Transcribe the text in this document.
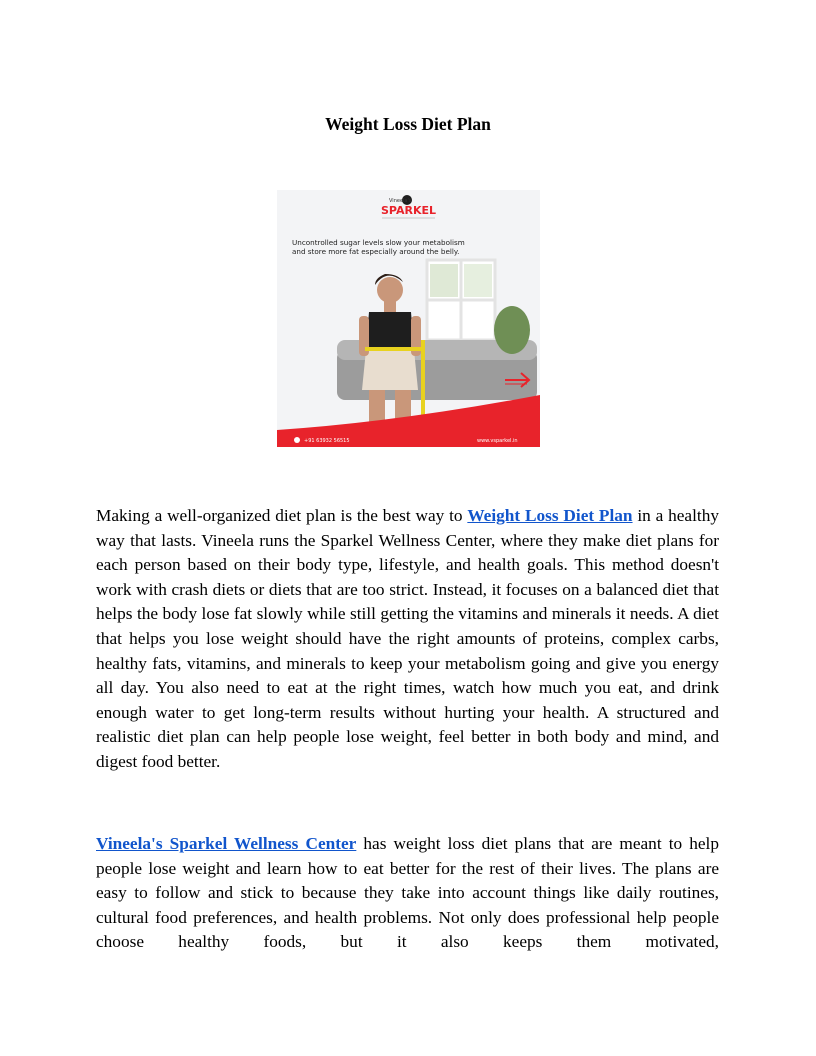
Weight Loss Diet Plan
Vineela's
SPARKEL
Uncontrolled sugar levels slow your metabolism
and store more fat especially around the belly.
+91 63932 56515	www.vsparkel.in

Making a well-organized diet plan is the best way to Weight Loss Diet Plan in a healthy way that lasts. Vineela runs the Sparkel Wellness Center, where they make diet plans for each person based on their body type, lifestyle, and health goals. This method doesn't work with crash diets or diets that are too strict. Instead, it focuses on a balanced diet that helps the body lose fat slowly while still getting the vitamins and minerals it needs. A diet that helps you lose weight should have the right amounts of proteins, complex carbs, healthy fats, vitamins, and minerals to keep your metabolism going and give you energy all day. You also need to eat at the right times, watch how much you eat, and drink enough water to get long-term results without hurting your health. A structured and realistic diet plan can help people lose weight, feel better in both body and mind, and digest food better.

Vineela's Sparkel Wellness Center has weight loss diet plans that are meant to help people lose weight and learn how to eat better for the rest of their lives. The plans are easy to follow and stick to because they take into account things like daily routines, cultural food preferences, and health problems. Not only does professional help people choose healthy foods, but it also keeps them motivated,
